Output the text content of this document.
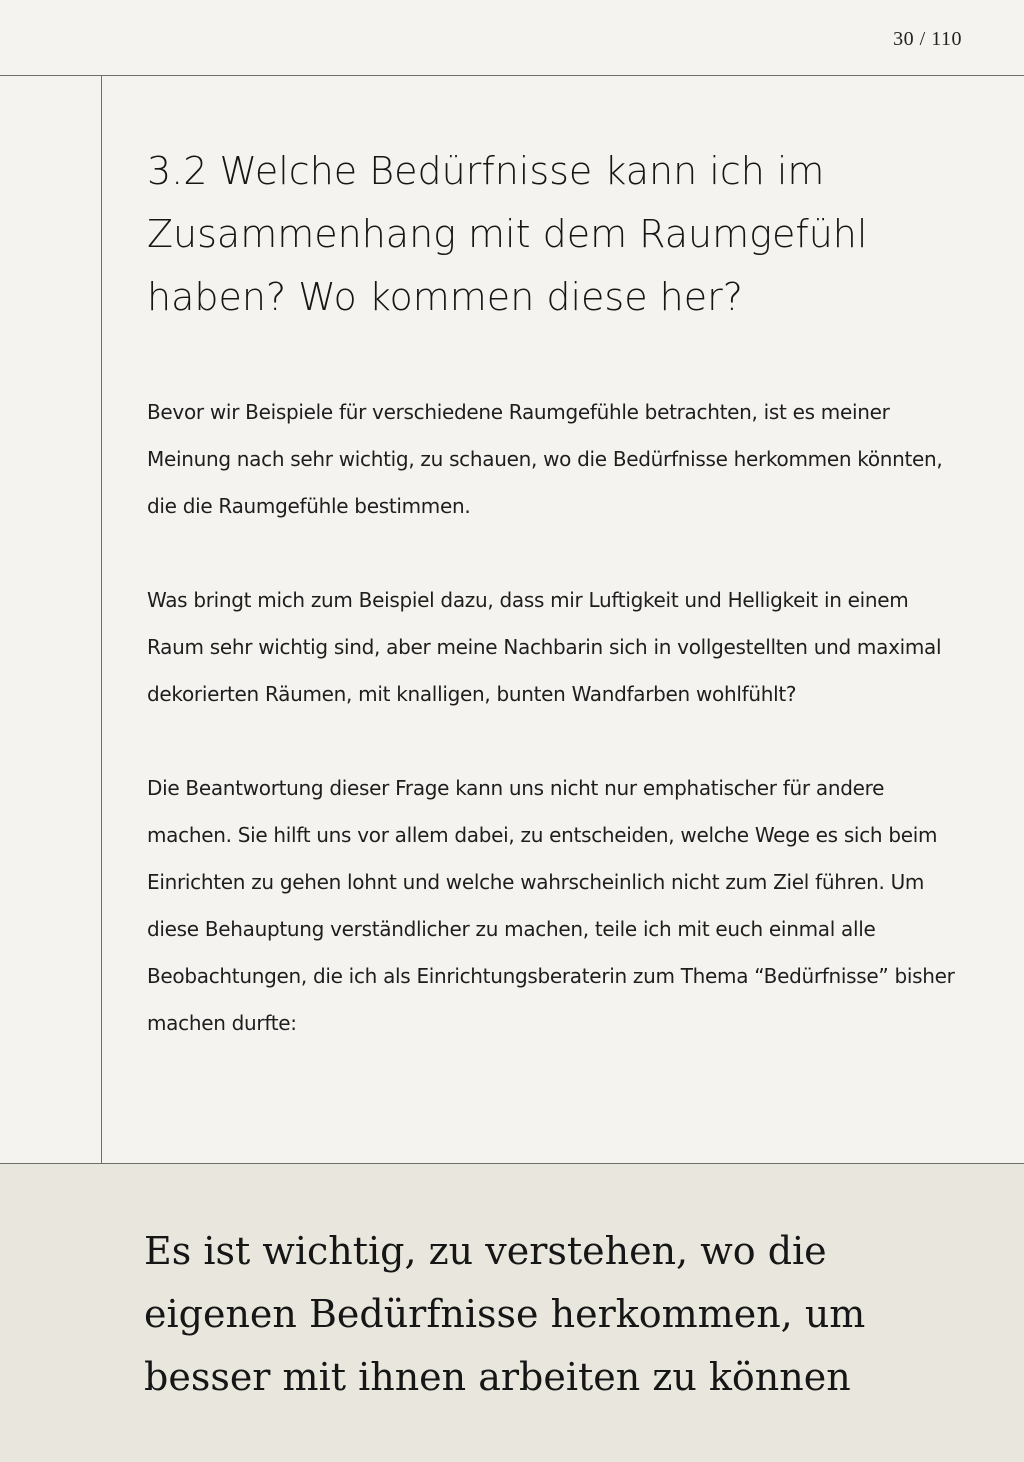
30 / 110
3.2 Welche Bedürfnisse kann ich im Zusammenhang mit dem Raumgefühl haben? Wo kommen diese her?

Bevor wir Beispiele für verschiedene Raumgefühle betrachten, ist es meiner Meinung nach sehr wichtig, zu schauen, wo die Bedürfnisse herkommen könnten, die die Raumgefühle bestimmen.

Was bringt mich zum Beispiel dazu, dass mir Luftigkeit und Helligkeit in einem Raum sehr wichtig sind, aber meine Nachbarin sich in vollgestellten und maximal dekorierten Räumen, mit knalligen, bunten Wandfarben wohlfühlt?

Die Beantwortung dieser Frage kann uns nicht nur emphatischer für andere machen. Sie hilft uns vor allem dabei, zu entscheiden, welche Wege es sich beim Einrichten zu gehen lohnt und welche wahrscheinlich nicht zum Ziel führen. Um diese Behauptung verständlicher zu machen, teile ich mit euch einmal alle Beobachtungen, die ich als Einrichtungsberaterin zum Thema “Bedürfnisse” bisher machen durfte:

Es ist wichtig, zu verstehen, wo die eigenen Bedürfnisse herkommen, um besser mit ihnen arbeiten zu können
